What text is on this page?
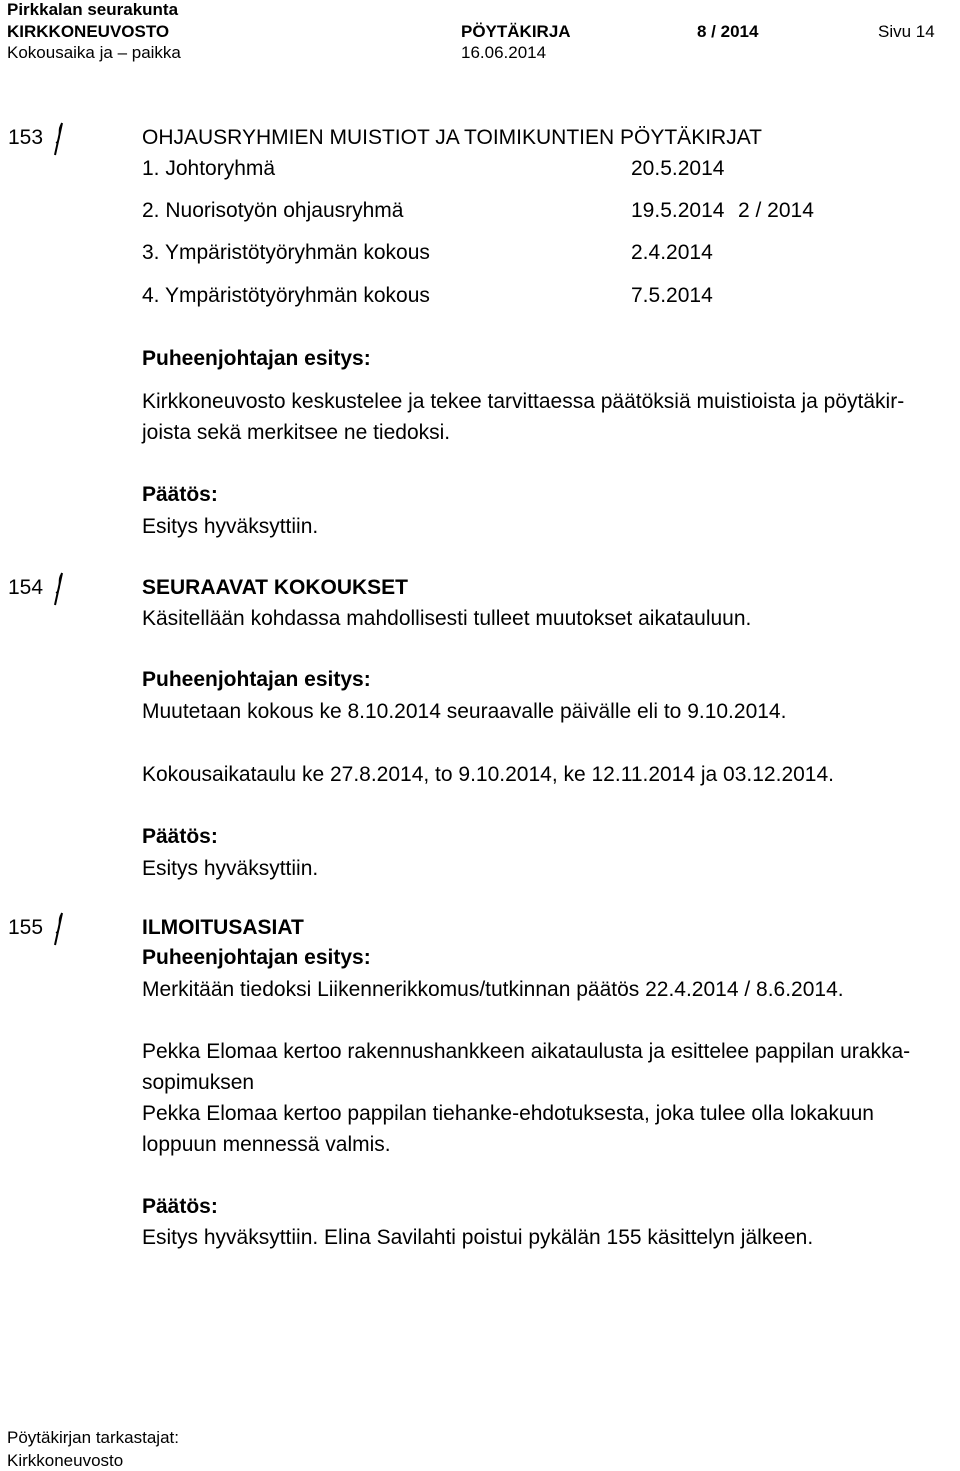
Pirkkalan seurakunta
KIRKKONEUVOSTO	PÖYTÄKIRJA	8 / 2014	Sivu 14
Kokousaika ja – paikka	16.06.2014
153	OHJAUSRYHMIEN MUISTIOT JA TOIMIKUNTIEN PÖYTÄKIRJAT
1. Johtoryhmä	20.5.2014
2. Nuorisotyön ohjausryhmä	19.5.2014 2 / 2014
3. Ympäristötyöryhmän kokous	2.4.2014
4. Ympäristötyöryhmän kokous	7.5.2014
Puheenjohtajan esitys:
Kirkkoneuvosto keskustelee ja tekee tarvittaessa päätöksiä muistioista ja pöytäkir-
joista sekä merkitsee ne tiedoksi.
Päätös:
Esitys hyväksyttiin.
154	SEURAAVAT KOKOUKSET
Käsitellään kohdassa mahdollisesti tulleet muutokset aikatauluun.
Puheenjohtajan esitys:
Muutetaan kokous ke 8.10.2014 seuraavalle päivälle eli to 9.10.2014.
Kokousaikataulu ke 27.8.2014, to 9.10.2014, ke 12.11.2014 ja 03.12.2014.
Päätös:
Esitys hyväksyttiin.
155	ILMOITUSASIAT
Puheenjohtajan esitys:
Merkitään tiedoksi Liikennerikkomus/tutkinnan päätös 22.4.2014 / 8.6.2014.
Pekka Elomaa kertoo rakennushankkeen aikataulusta ja esittelee pappilan urakka-
sopimuksen
Pekka Elomaa kertoo pappilan tiehanke-ehdotuksesta, joka tulee olla lokakuun
loppuun mennessä valmis.
Päätös:
Esitys hyväksyttiin. Elina Savilahti poistui pykälän 155 käsittelyn jälkeen.
Pöytäkirjan tarkastajat:
Kirkkoneuvosto
